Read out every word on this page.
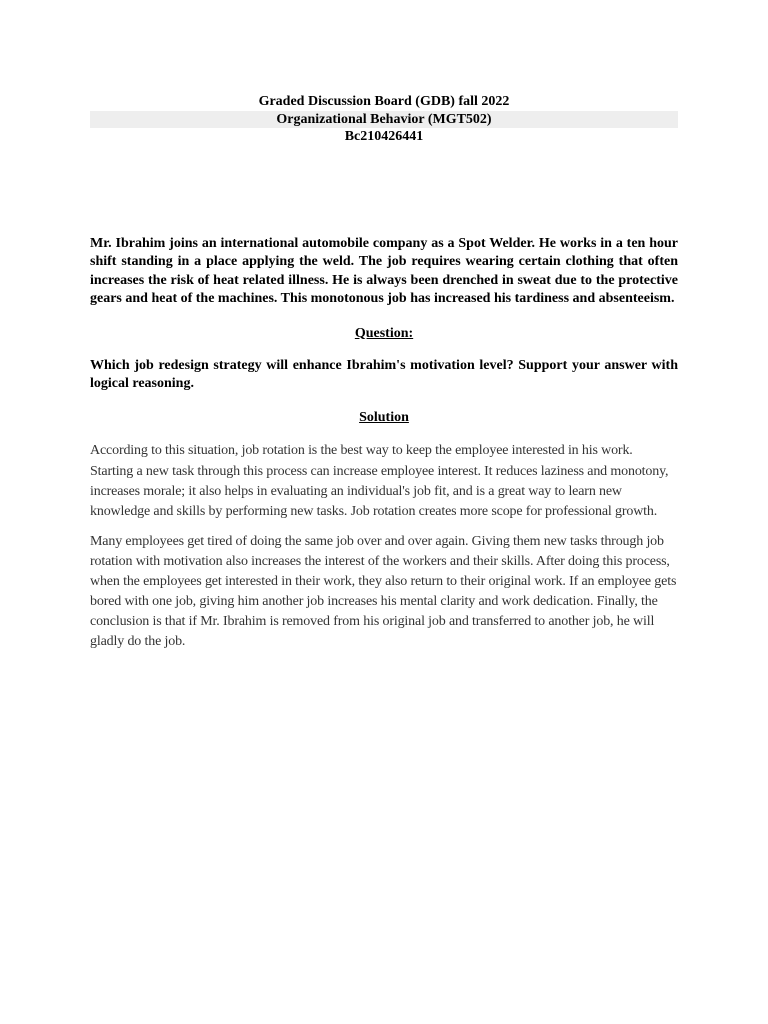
Graded Discussion Board (GDB) fall 2022
Organizational Behavior (MGT502)
Bc210426441

Mr. Ibrahim joins an international automobile company as a Spot Welder. He works in a ten hour shift standing in a place applying the weld. The job requires wearing certain clothing that often increases the risk of heat related illness. He is always been drenched in sweat due to the protective gears and heat of the machines. This monotonous job has increased his tardiness and absenteeism.

Question:

Which job redesign strategy will enhance Ibrahim's motivation level? Support your answer with logical reasoning.

Solution

According to this situation, job rotation is the best way to keep the employee interested in his work. Starting a new task through this process can increase employee interest. It reduces laziness and monotony, increases morale; it also helps in evaluating an individual's job fit, and is a great way to learn new knowledge and skills by performing new tasks. Job rotation creates more scope for professional growth.

Many employees get tired of doing the same job over and over again. Giving them new tasks through job rotation with motivation also increases the interest of the workers and their skills. After doing this process, when the employees get interested in their work, they also return to their original work. If an employee gets bored with one job, giving him another job increases his mental clarity and work dedication. Finally, the conclusion is that if Mr. Ibrahim is removed from his original job and transferred to another job, he will gladly do the job.
